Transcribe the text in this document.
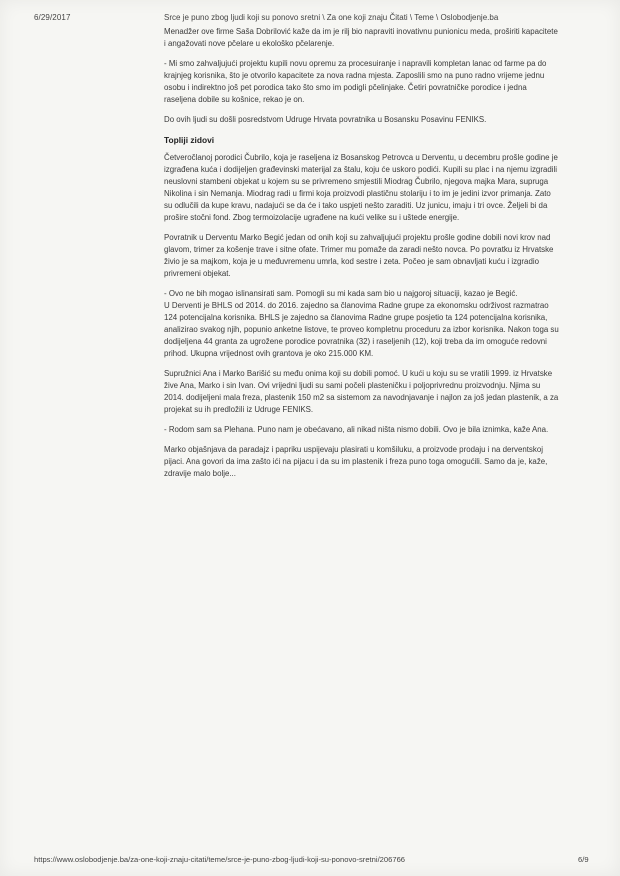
6/29/2017	Srce je puno zbog ljudi koji su ponovo sretni \ Za one koji znaju Čitati \ Teme \ Oslobodjenje.ba

Menadžer ove firme Saša Dobrilović kaže da im je rilj bio napraviti inovativnu punionicu meda, proširiti kapacitete i angažovati nove pčelare u ekološko pčelarenje.

- Mi smo zahvaljujući projektu kupili novu opremu za procesuiranje i napravili kompletan lanac od farme pa do krajnjeg korisnika, što je otvorilo kapacitete za nova radna mjesta. Zaposlili smo na puno radno vrijeme jednu osobu i indirektno još pet porodica tako što smo im podigli pčelinjake. Četiri povratničke porodice i jedna raseljena dobile su košnice, rekao je on.

Do ovih ljudi su došli posredstvom Udruge Hrvata povratnika u Bosansku Posavinu FENIKS.

Topliji zidovi

Četveročlanoj porodici Čubrilo, koja je raseljena iz Bosanskog Petrovca u Derventu, u decembru prošle godine je izgrađena kuća i dodijeljen građevinski materijal za štalu, koju će uskoro podići. Kupili su plac i na njemu izgradili neuslovni stambeni objekat u kojem su se privremeno smjestili Miodrag Čubrilo, njegova majka Mara, supruga Nikolina i sin Nemanja. Miodrag radi u firmi koja proizvodi plastičnu stolariju i to im je jedini izvor primanja. Zato su odlučili da kupe kravu, nadajući se da će i tako uspjeti nešto zaraditi. Uz junicu, imaju i tri ovce. Željeli bi da prošire stočni fond. Zbog termoizolacije ugrađene na kući velike su i uštede energije.

Povratnik u Derventu Marko Begić jedan od onih koji su zahvaljujući projektu prošle godine dobili novi krov nad glavom, trimer za košenje trave i sitne ofate. Trimer mu pomaže da zaradi nešto novca. Po povratku iz Hrvatske živio je sa majkom, koja je u međuvremenu umrla, kod sestre i zeta. Počeo je sam obnavljati kuću i izgradio privremeni objekat.

- Ovo ne bih mogao islinansirati sam. Pomogli su mi kada sam bio u najgoroj situaciji, kazao je Begić.

U Derventi je BHLS od 2014. do 2016. zajedno sa članovima Radne grupe za ekonomsku održivost razmatrao 124 potencijalna korisnika. BHLS je zajedno sa članovima Radne grupe posjetio ta 124 potencijalna korisnika, analizirao svakog njih, popunio anketne listove, te proveo kompletnu proceduru za izbor korisnika. Nakon toga su dodijeljena 44 granta za ugrožene porodice povratnika (32) i raseljenih (12), koji treba da im omoguće redovni prihod. Ukupna vrijednost ovih grantova je oko 215.000 KM.

Supružnici Ana i Marko Barišić su među onima koji su dobili pomoć. U kući u koju su se vratili 1999. iz Hrvatske žive Ana, Marko i sin Ivan. Ovi vrijedni ljudi su sami počeli plasteničku i poljoprivrednu proizvodnju. Njima su 2014. dodijeljeni mala freza, plastenik 150 m2 sa sistemom za navodnjavanje i najlon za još jedan plastenik, a za projekat su ih predložili iz Udruge FENIKS.

- Rodom sam sa Plehana. Puno nam je obećavano, ali nikad ništa nismo dobili. Ovo je bila iznimka, kaže Ana.

Marko objašnjava da paradajz i papriku uspijevaju plasirati u komšiluku, a proizvode prodaju i na derventskoj pijaci. Ana govori da ima zašto ići na pijacu i da su im plastenik i freza puno toga omogućili. Samo da je, kaže, zdravije malo bolje...

https://www.oslobodjenje.ba/za-one-koji-znaju-citati/teme/srce-je-puno-zbog-ljudi-koji-su-ponovo-sretni/206766	6/9
